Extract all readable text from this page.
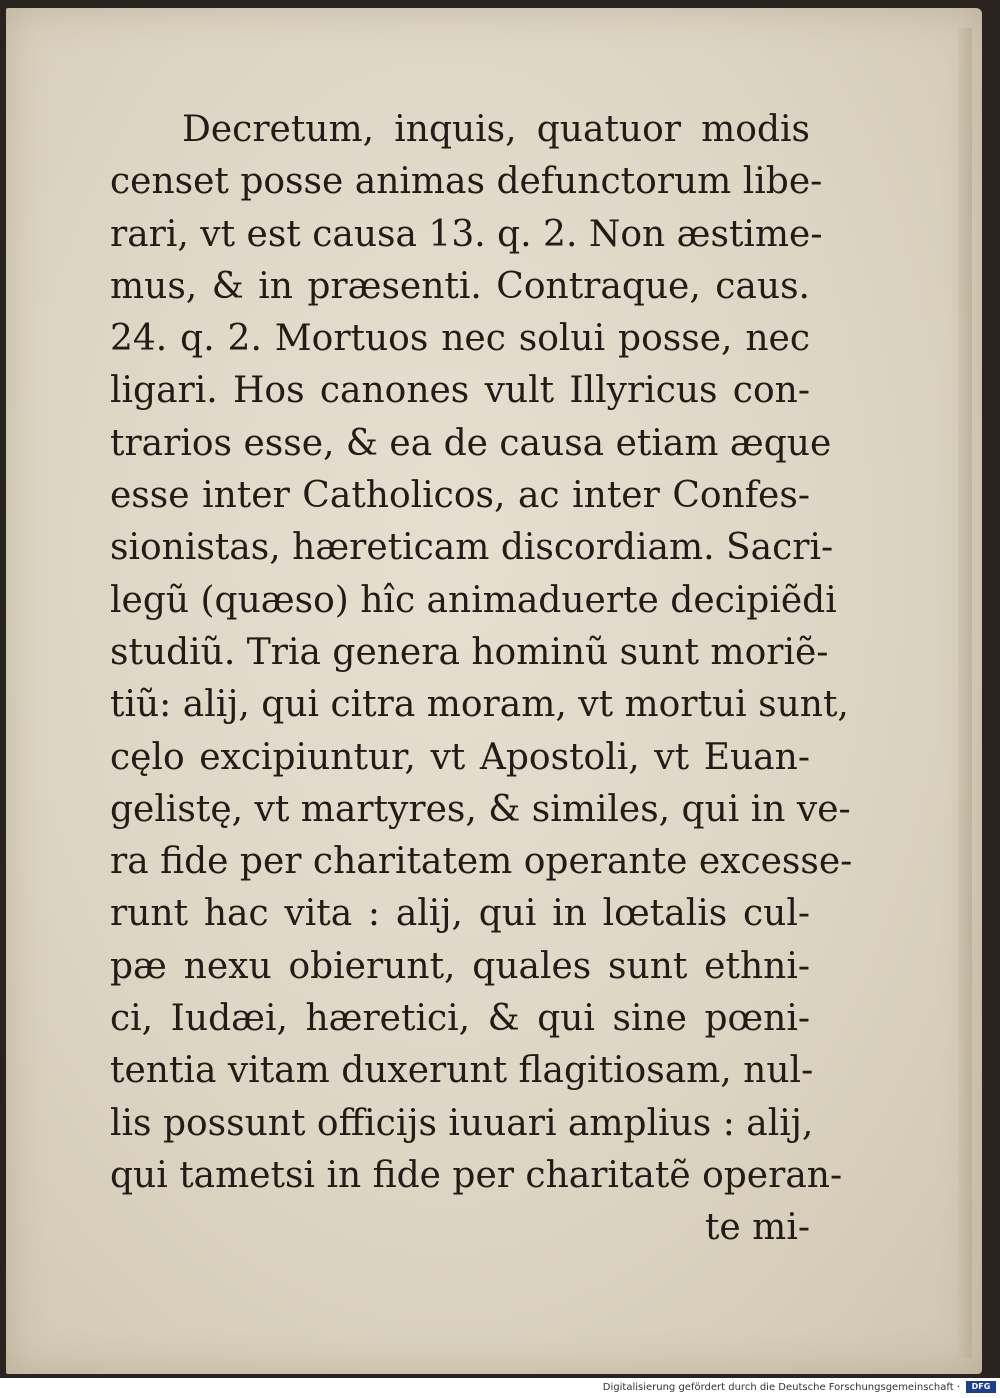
Decretum, inquis, quatuor modis
censet posse animas defunctorum libe-
rari, vt est causa 13. q. 2. Non æstime-
mus, & in præsenti. Contraque, caus.
24. q. 2. Mortuos nec solui posse, nec
ligari. Hos canones vult Illyricus con-
trarios esse, & ea de causa etiam æque
esse inter Catholicos, ac inter Confes-
sionistas, hæreticam discordiam. Sacri-
legũ (quæso) hîc animaduerte decipiẽdi
studiũ. Tria genera hominũ sunt moriẽ-
tiũ: alij, qui citra moram, vt mortui sunt,
cęlo excipiuntur, vt Apostoli, vt Euan-
gelistę, vt martyres, & similes, qui in ve-
ra fide per charitatem operante excesse-
runt hac vita : alij, qui in lœtalis cul-
pæ nexu obierunt, quales sunt ethni-
ci, Iudæi, hæretici, & qui sine pœni-
tentia vitam duxerunt flagitiosam, nul-
lis possunt officijs iuuari amplius : alij,
qui tametsi in fide per charitatẽ operan-
te mi-
Digitalisierung gefördert durch die Deutsche Forschungsgemeinschaft ·	DFG
